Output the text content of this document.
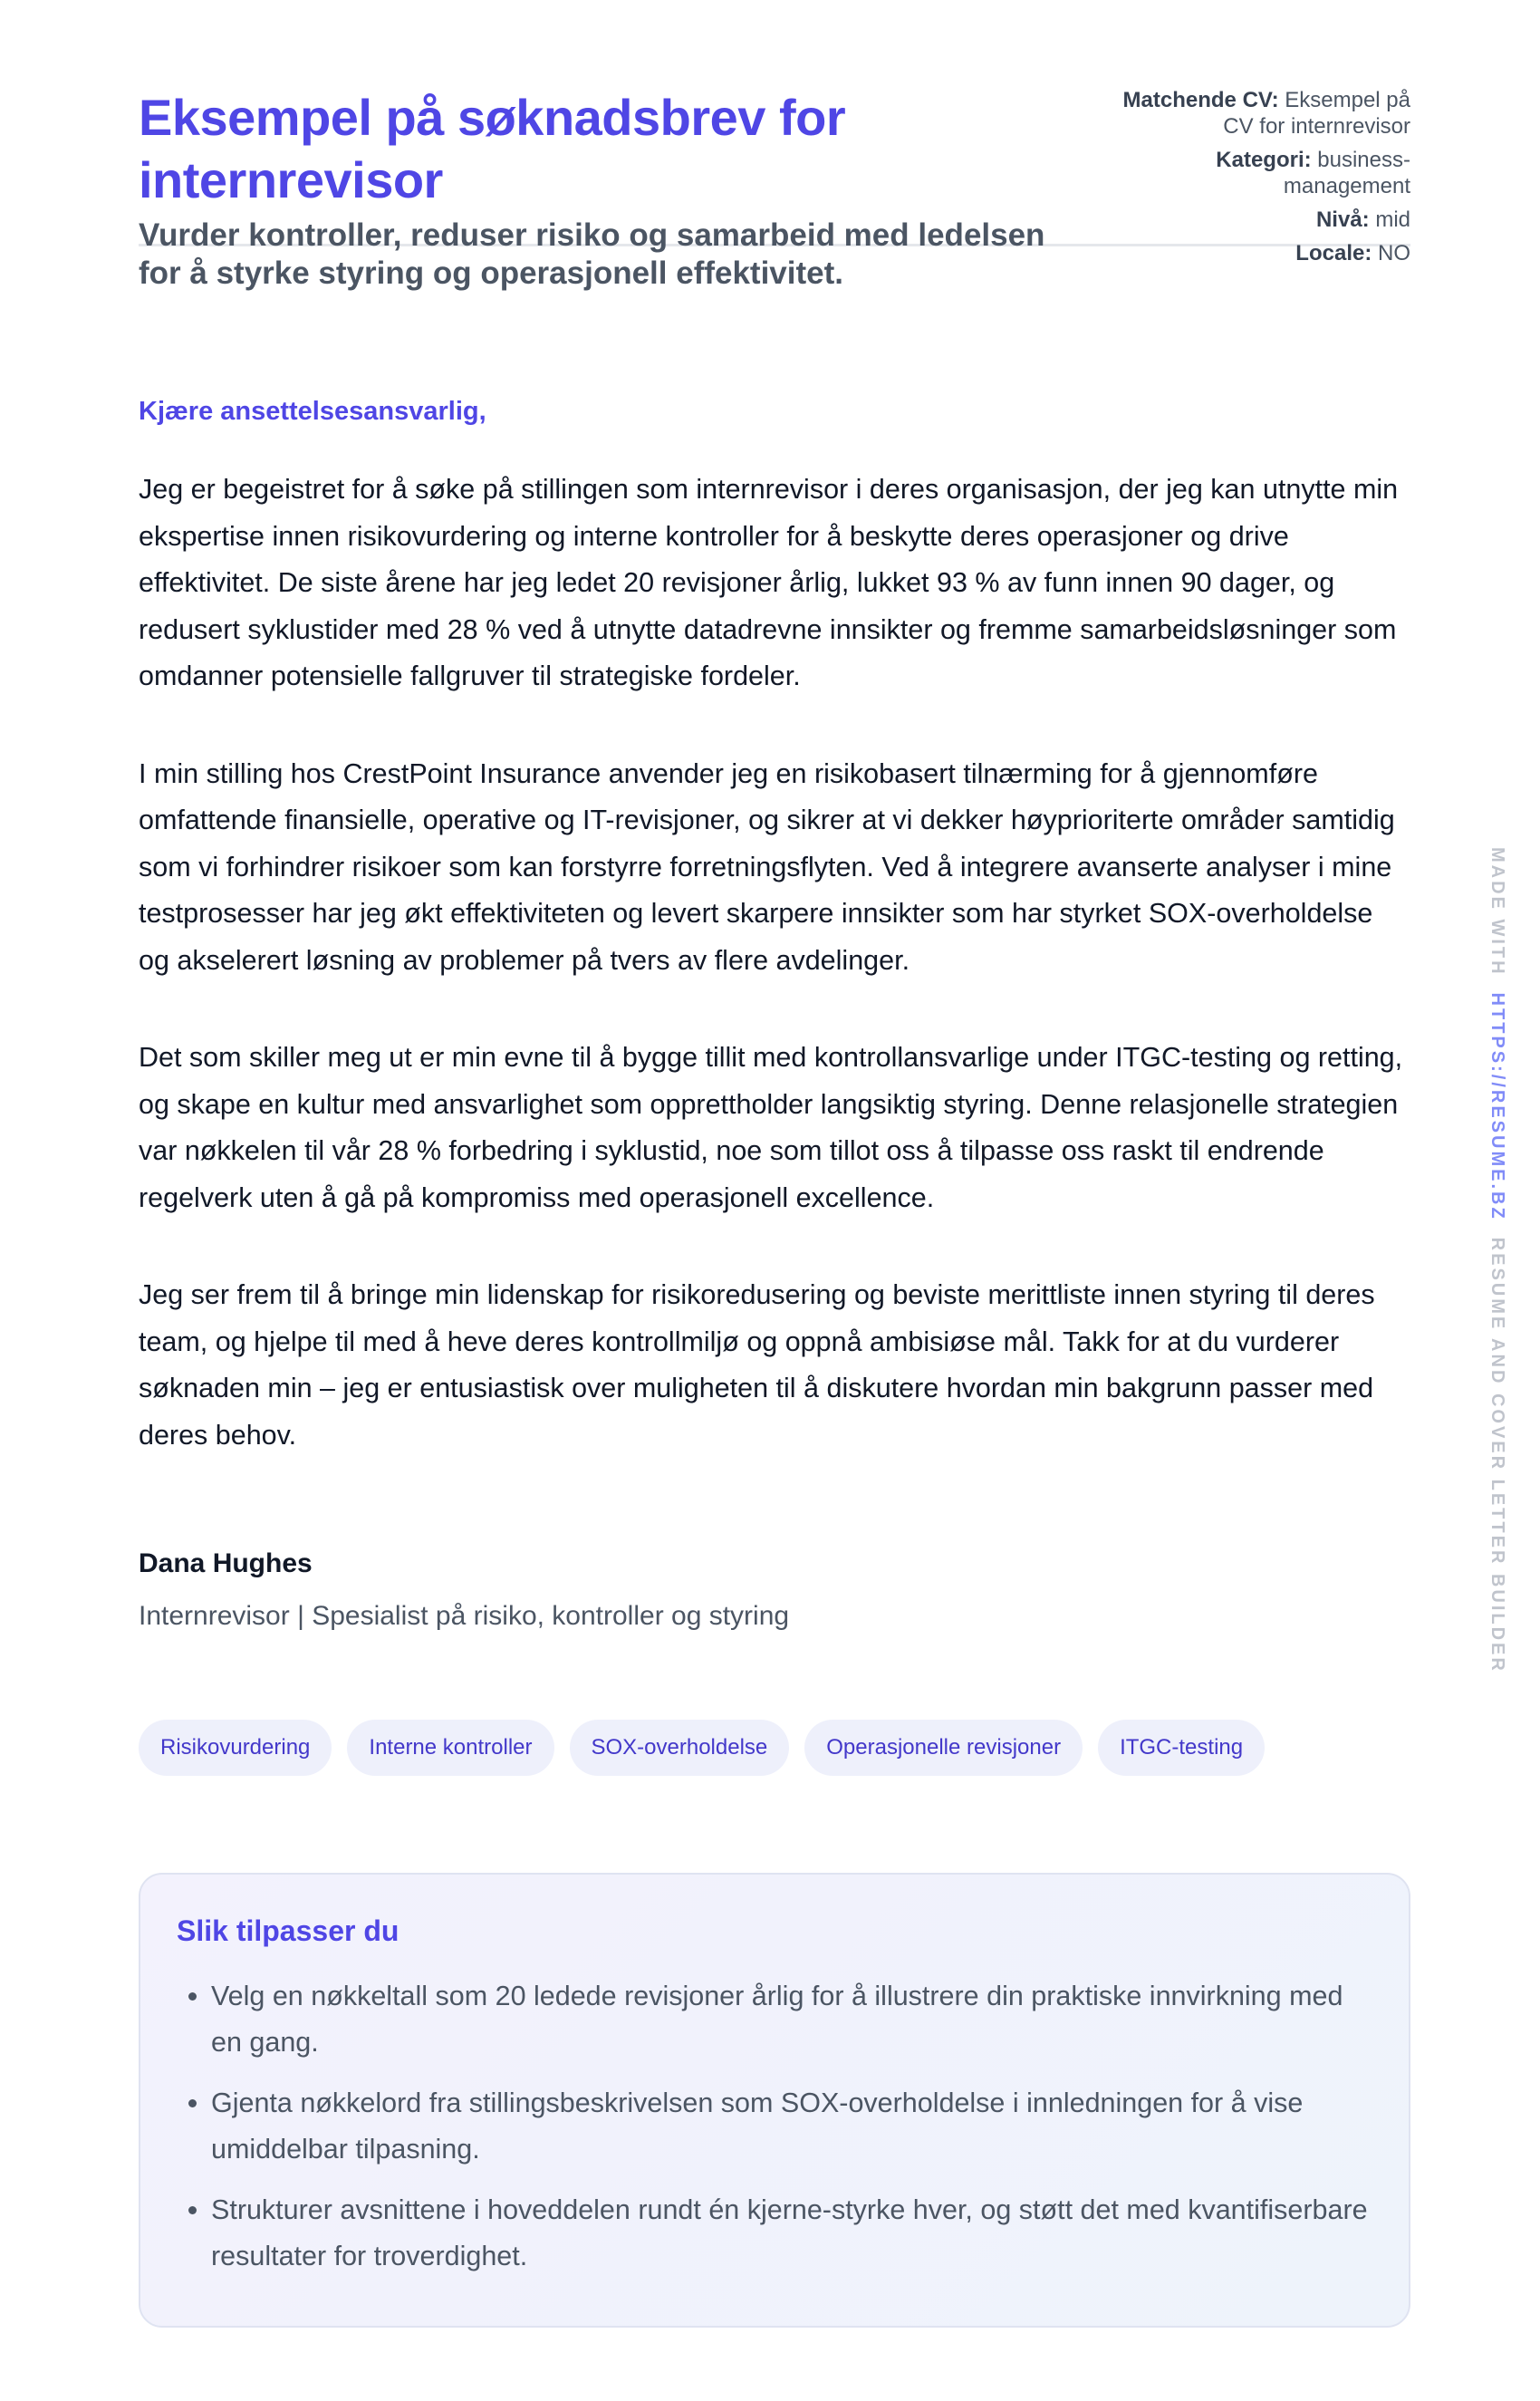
Eksempel på søknadsbrev for internrevisor
Vurder kontroller, reduser risiko og samarbeid med ledelsen for å styrke styring og operasjonell effektivitet.
Matchende CV: Eksempel på CV for internrevisor
Kategori: business-management
Nivå: mid
Locale: NO

Kjære ansettelsesansvarlig,

Jeg er begeistret for å søke på stillingen som internrevisor i deres organisasjon, der jeg kan utnytte min ekspertise innen risikovurdering og interne kontroller for å beskytte deres operasjoner og drive effektivitet. De siste årene har jeg ledet 20 revisjoner årlig, lukket 93 % av funn innen 90 dager, og redusert syklustider med 28 % ved å utnytte datadrevne innsikter og fremme samarbeidsløsninger som omdanner potensielle fallgruver til strategiske fordeler.

I min stilling hos CrestPoint Insurance anvender jeg en risikobasert tilnærming for å gjennomføre omfattende finansielle, operative og IT-revisjoner, og sikrer at vi dekker høyprioriterte områder samtidig som vi forhindrer risikoer som kan forstyrre forretningsflyten. Ved å integrere avanserte analyser i mine testprosesser har jeg økt effektiviteten og levert skarpere innsikter som har styrket SOX-overholdelse og akselerert løsning av problemer på tvers av flere avdelinger.

Det som skiller meg ut er min evne til å bygge tillit med kontrollansvarlige under ITGC-testing og retting, og skape en kultur med ansvarlighet som opprettholder langsiktig styring. Denne relasjonelle strategien var nøkkelen til vår 28 % forbedring i syklustid, noe som tillot oss å tilpasse oss raskt til endrende regelverk uten å gå på kompromiss med operasjonell excellence.

Jeg ser frem til å bringe min lidenskap for risikoredusering og beviste merittliste innen styring til deres team, og hjelpe til med å heve deres kontrollmiljø og oppnå ambisiøse mål. Takk for at du vurderer søknaden min – jeg er entusiastisk over muligheten til å diskutere hvordan min bakgrunn passer med deres behov.

Dana Hughes
Internrevisor | Spesialist på risiko, kontroller og styring
Risikovurdering	Interne kontroller	SOX-overholdelse	Operasjonelle revisjoner	ITGC-testing
Slik tilpasser du
• Velg en nøkkeltall som 20 ledede revisjoner årlig for å illustrere din praktiske innvirkning med en gang.
• Gjenta nøkkelord fra stillingsbeskrivelsen som SOX-overholdelse i innledningen for å vise umiddelbar tilpasning.
• Strukturer avsnittene i hoveddelen rundt én kjerne-styrke hver, og støtt det med kvantifiserbare resultater for troverdighet.
MADE WITHHTTPS://RESUME.BZRESUME AND COVER LETTER BUILDER
